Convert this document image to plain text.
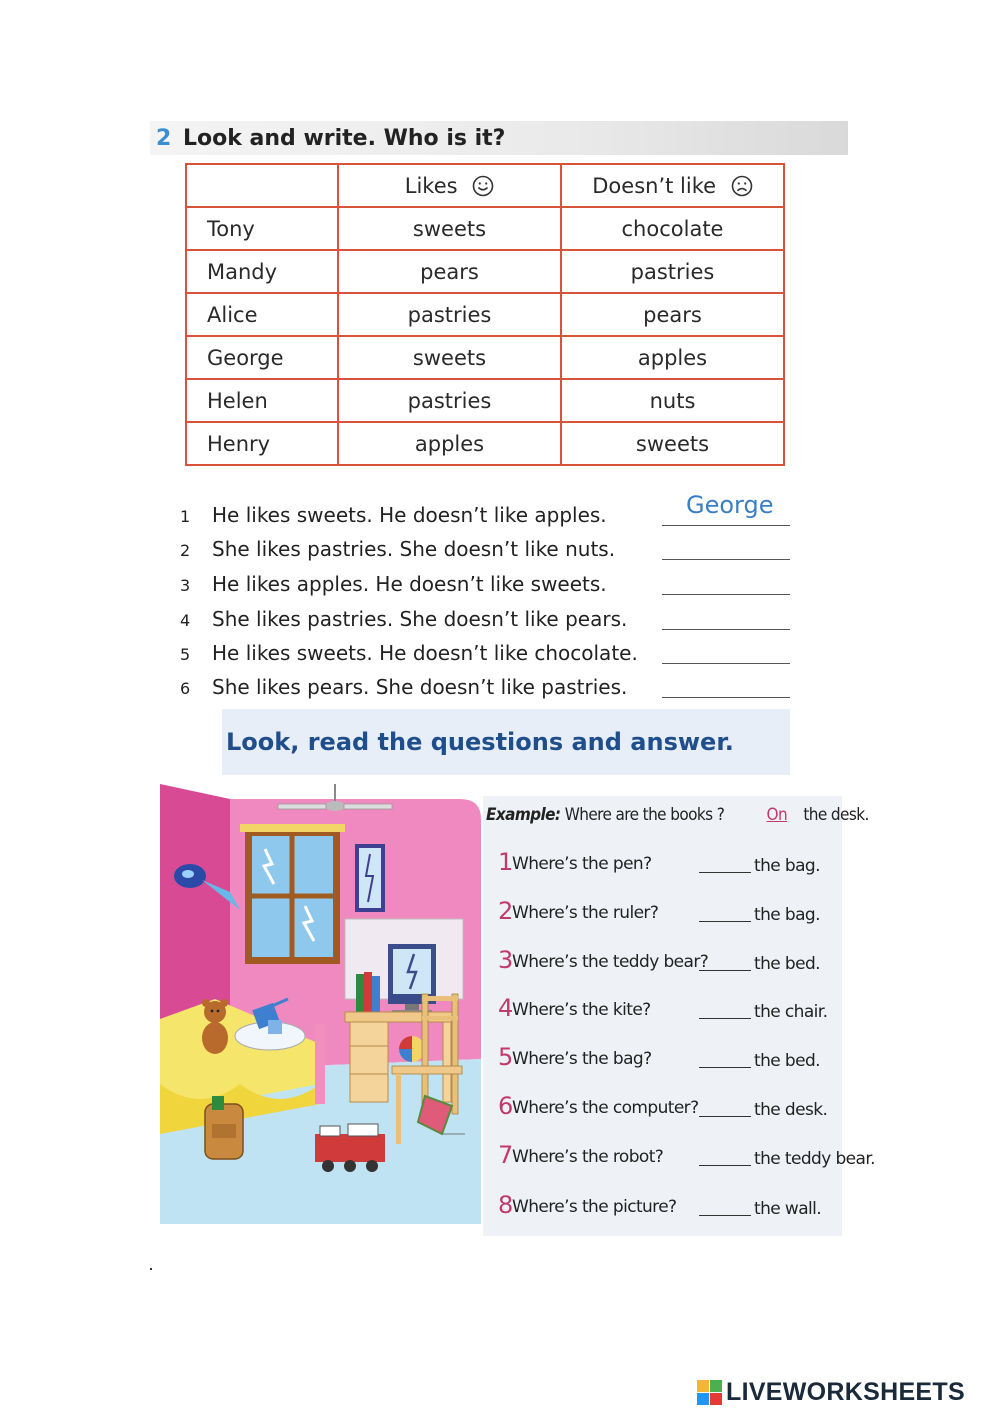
2 Look and write. Who is it?
	Likes	Doesn’t like
Tony	sweets	chocolate
Mandy	pears	pastries
Alice	pastries	pears
George	sweets	apples
Helen	pastries	nuts
Henry	apples	sweets
1 He likes sweets. He doesn’t like apples.	George
2 She likes pastries. She doesn’t like nuts.
3 He likes apples. He doesn’t like sweets.
4 She likes pastries. She doesn’t like pears.
5 He likes sweets. He doesn’t like chocolate.
6 She likes pears. She doesn’t like pastries.
Look, read the questions and answer.
Example: Where are the books ? On the desk.
1 Where’s the pen?	the bag.
2 Where’s the ruler?	the bag.
3 Where’s the teddy bear?	the bed.
4 Where’s the kite?	the chair.
5 Where’s the bag?	the bed.
6 Where’s the computer?	the desk.
7 Where’s the robot?	the teddy bear.
8 Where’s the picture?	the wall.
LIVEWORKSHEETS
